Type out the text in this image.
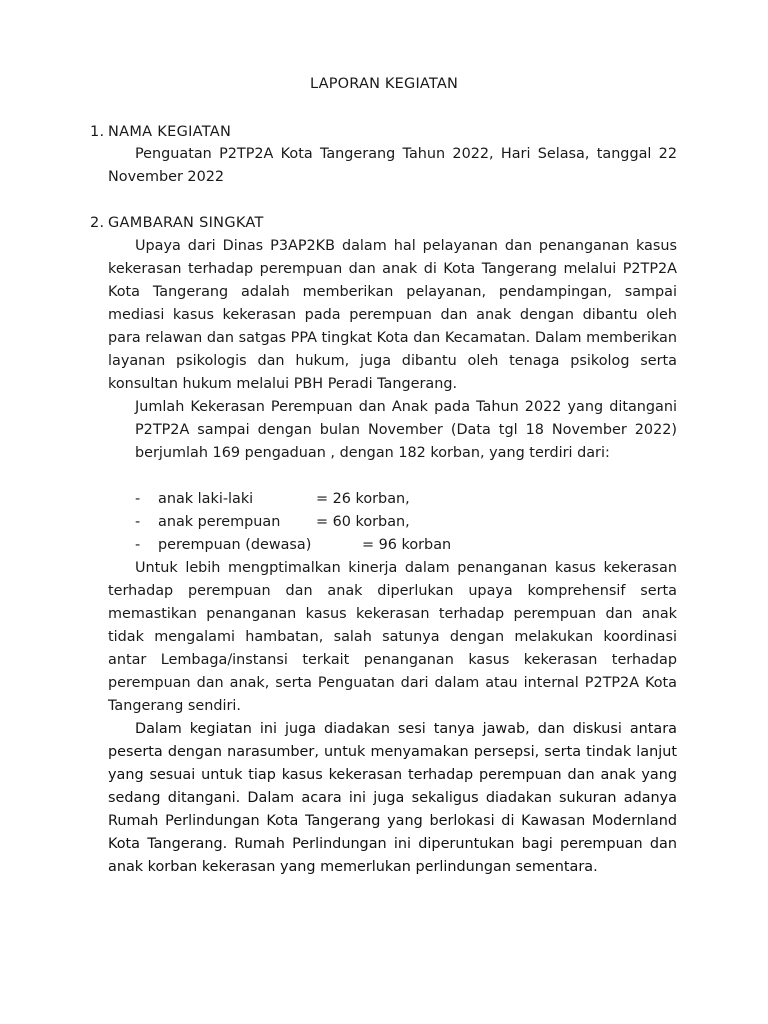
LAPORAN KEGIATAN
1. NAMA KEGIATAN

Penguatan P2TP2A Kota Tangerang Tahun 2022, Hari Selasa, tanggal 22 November 2022

2. GAMBARAN SINGKAT

Upaya dari Dinas P3AP2KB dalam hal pelayanan dan penanganan kasus kekerasan terhadap perempuan dan anak di Kota Tangerang melalui P2TP2A Kota Tangerang adalah memberikan pelayanan, pendampingan, sampai mediasi kasus kekerasan pada perempuan dan anak dengan dibantu oleh para relawan dan satgas PPA tingkat Kota dan Kecamatan. Dalam memberikan layanan psikologis dan hukum, juga dibantu oleh tenaga psikolog serta konsultan hukum melalui PBH Peradi Tangerang.

Jumlah Kekerasan Perempuan dan Anak pada Tahun 2022 yang ditangani P2TP2A sampai dengan bulan November (Data tgl 18 November 2022) berjumlah 169 pengaduan , dengan 182 korban, yang terdiri dari:

- anak laki-laki	= 26 korban,
- anak perempuan = 60 korban,
- perempuan (dewasa)	= 96 korban

Untuk lebih mengptimalkan kinerja dalam penanganan kasus kekerasan terhadap perempuan dan anak diperlukan upaya komprehensif serta memastikan penanganan kasus kekerasan terhadap perempuan dan anak tidak mengalami hambatan, salah satunya dengan melakukan koordinasi antar Lembaga/instansi terkait penanganan kasus kekerasan terhadap perempuan dan anak, serta Penguatan dari dalam atau internal P2TP2A Kota Tangerang sendiri.

Dalam kegiatan ini juga diadakan sesi tanya jawab, dan diskusi antara peserta dengan narasumber, untuk menyamakan persepsi, serta tindak lanjut yang sesuai untuk tiap kasus kekerasan terhadap perempuan dan anak yang sedang ditangani. Dalam acara ini juga sekaligus diadakan sukuran adanya Rumah Perlindungan Kota Tangerang yang berlokasi di Kawasan Modernland Kota Tangerang. Rumah Perlindungan ini diperuntukan bagi perempuan dan anak korban kekerasan yang memerlukan perlindungan sementara.
